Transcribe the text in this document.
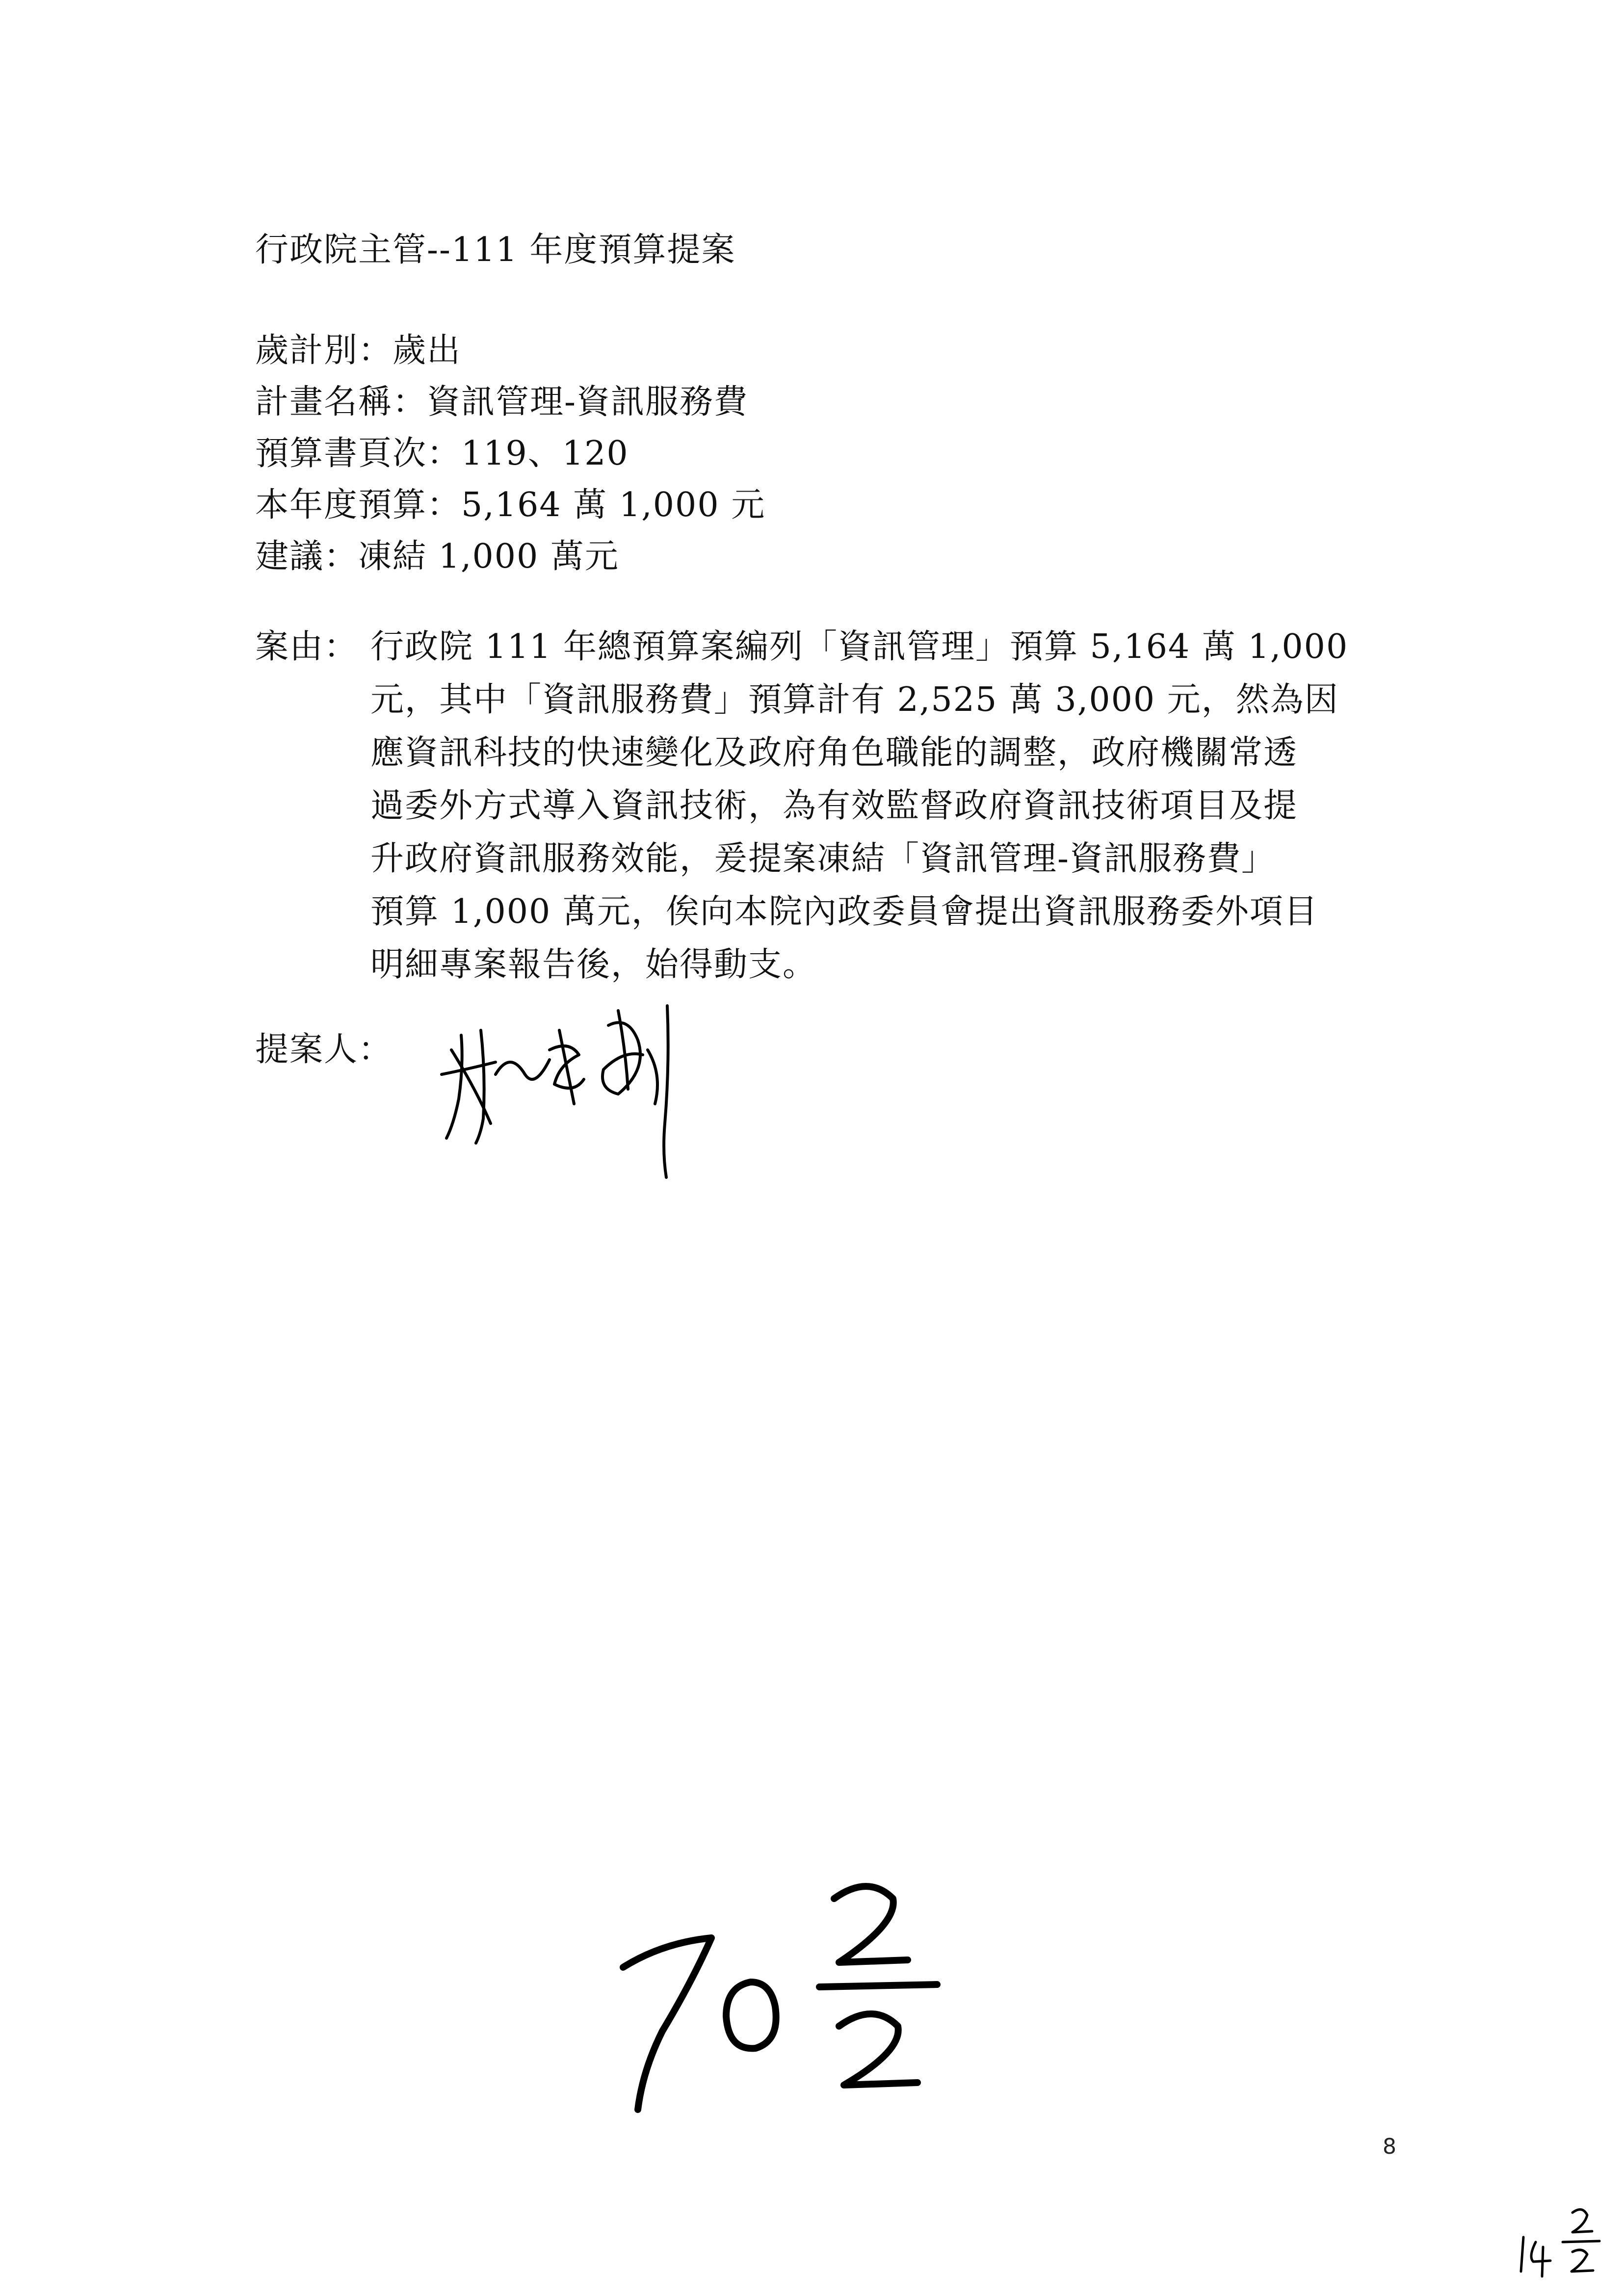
行政院主管--111 年度預算提案
歲計別：歲出
計畫名稱：資訊管理-資訊服務費
預算書頁次：119、120
本年度預算：5,164 萬 1,000 元
建議：凍結 1,000 萬元
案由： 行政院 111 年總預算案編列「資訊管理」預算 5,164 萬 1,000
元，其中「資訊服務費」預算計有 2,525 萬 3,000 元，然為因
應資訊科技的快速變化及政府角色職能的調整，政府機關常透
過委外方式導入資訊技術，為有效監督政府資訊技術項目及提
升政府資訊服務效能，爰提案凍結「資訊管理-資訊服務費」
預算 1,000 萬元，俟向本院內政委員會提出資訊服務委外項目
明細專案報告後，始得動支。
提案人：
8
